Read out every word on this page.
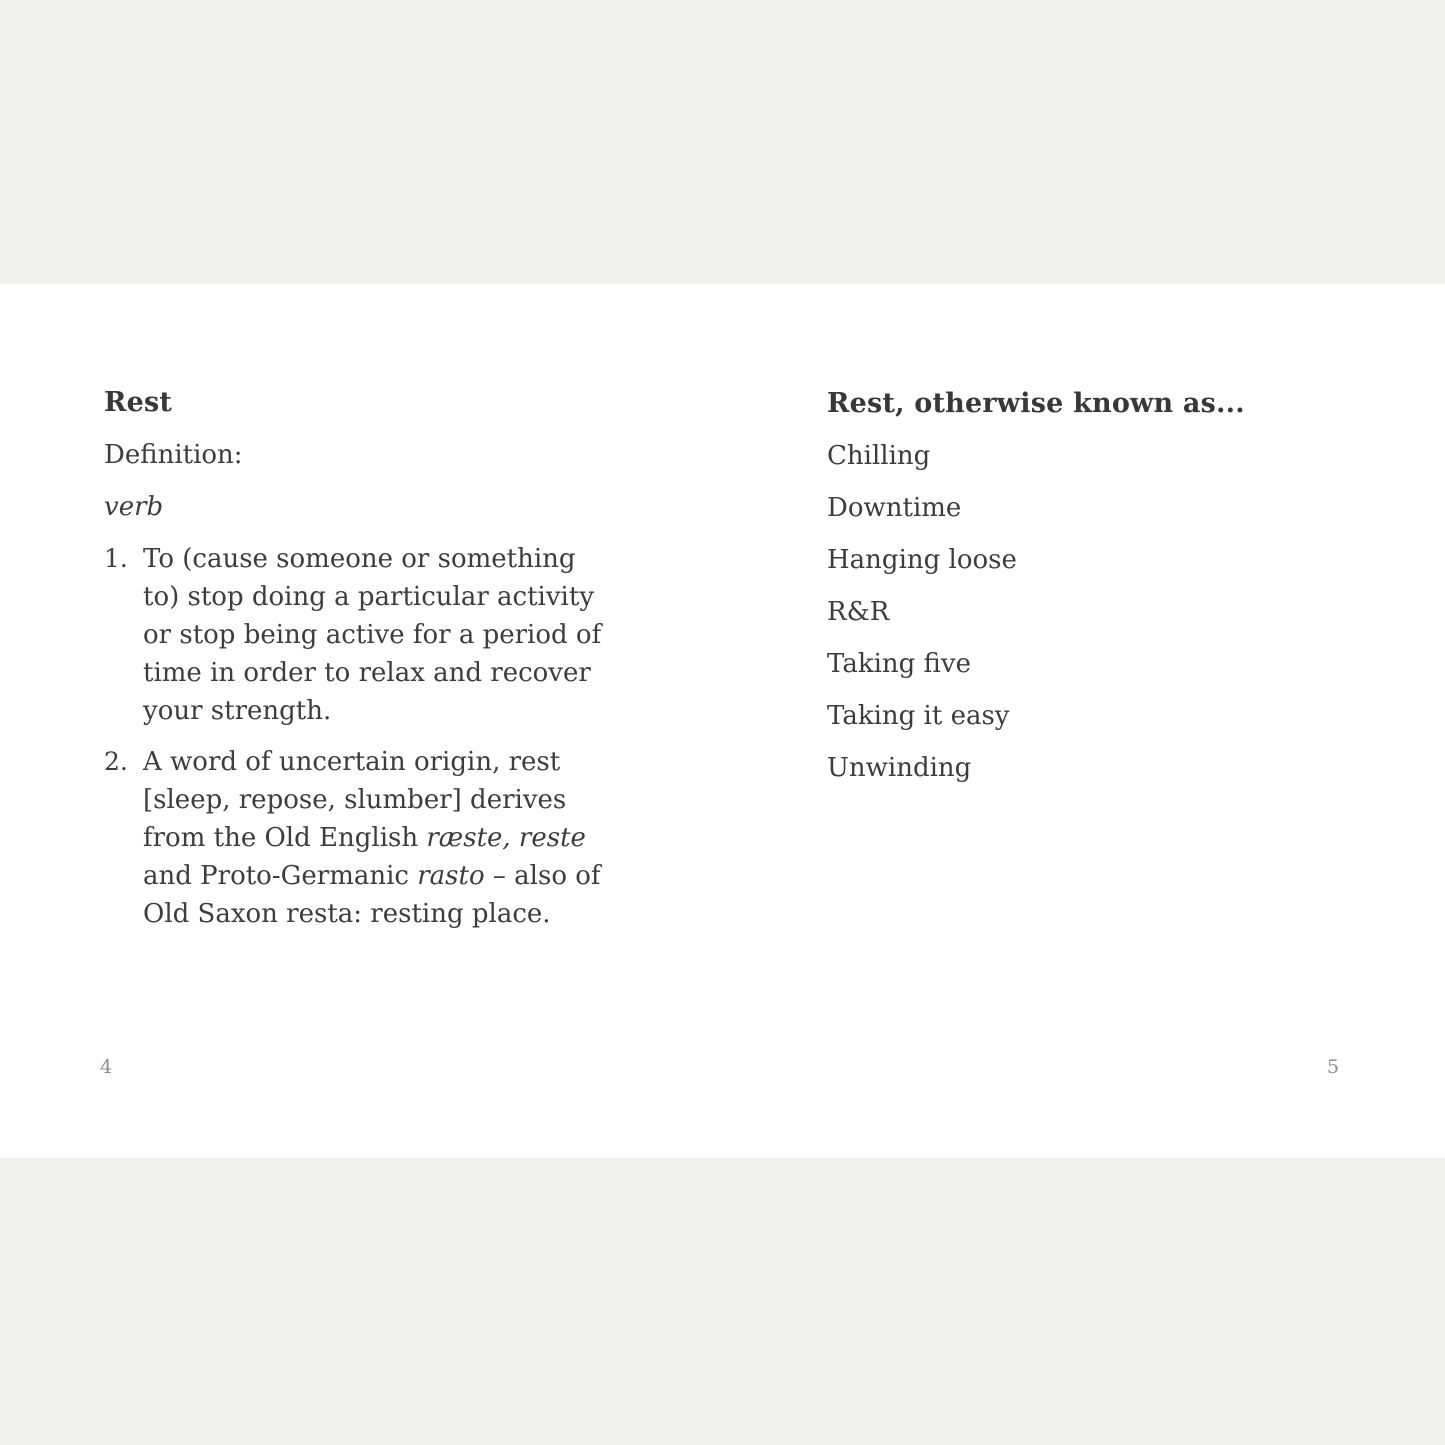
Rest
Definition:
verb
1. To (cause someone or something to) stop doing a particular activity or stop being active for a period of time in order to relax and recover your strength.
2. A word of uncertain origin, rest [sleep, repose, slumber] derives from the Old English ræste, reste and Proto-Germanic rasto – also of Old Saxon resta: resting place.
Rest, otherwise known as...
Chilling
Downtime
Hanging loose
R&R
Taking five
Taking it easy
Unwinding
4	5
